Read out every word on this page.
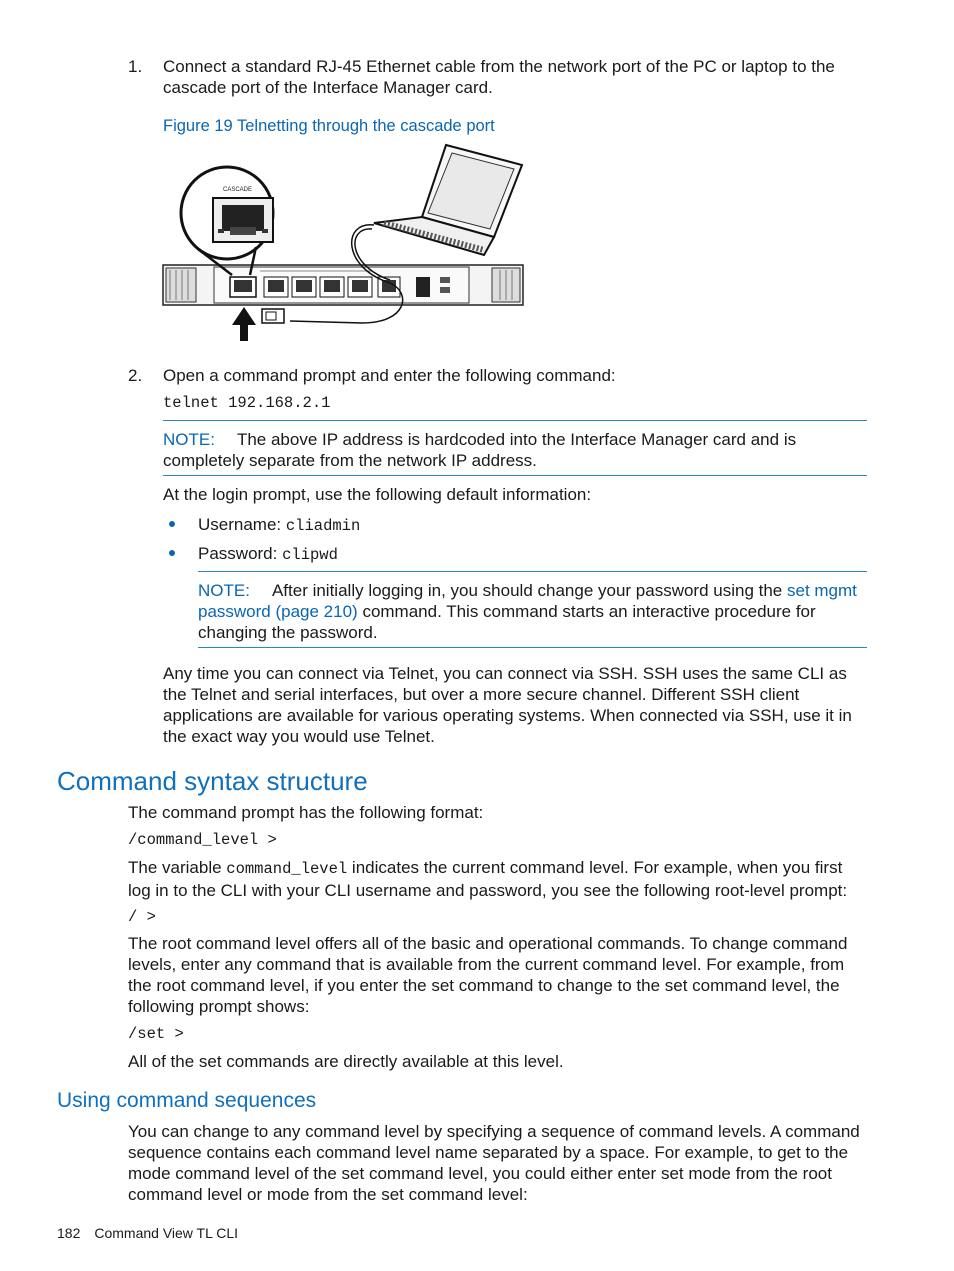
1.	Connect a standard RJ-45 Ethernet cable from the network port of the PC or laptop to the cascade port of the Interface Manager card.
Figure 19 Telnetting through the cascade port
CASCADE
2.	Open a command prompt and enter the following command:
telnet 192.168.2.1
NOTE: The above IP address is hardcoded into the Interface Manager card and is completely separate from the network IP address.
At the login prompt, use the following default information:
Username: cliadmin
Password: clipwd
NOTE: After initially logging in, you should change your password using the set mgmt password (page 210) command. This command starts an interactive procedure for changing the password.
Any time you can connect via Telnet, you can connect via SSH. SSH uses the same CLI as the Telnet and serial interfaces, but over a more secure channel. Different SSH client applications are available for various operating systems. When connected via SSH, use it in the exact way you would use Telnet.
Command syntax structure
The command prompt has the following format:
/command_level >
The variable command_level indicates the current command level. For example, when you first log in to the CLI with your CLI username and password, you see the following root-level prompt:
/ >
The root command level offers all of the basic and operational commands. To change command levels, enter any command that is available from the current command level. For example, from the root command level, if you enter the set command to change to the set command level, the following prompt shows:
/set >
All of the set commands are directly available at this level.
Using command sequences
You can change to any command level by specifying a sequence of command levels. A command sequence contains each command level name separated by a space. For example, to get to the mode command level of the set command level, you could either enter set mode from the root command level or mode from the set command level:
182 Command View TL CLI
